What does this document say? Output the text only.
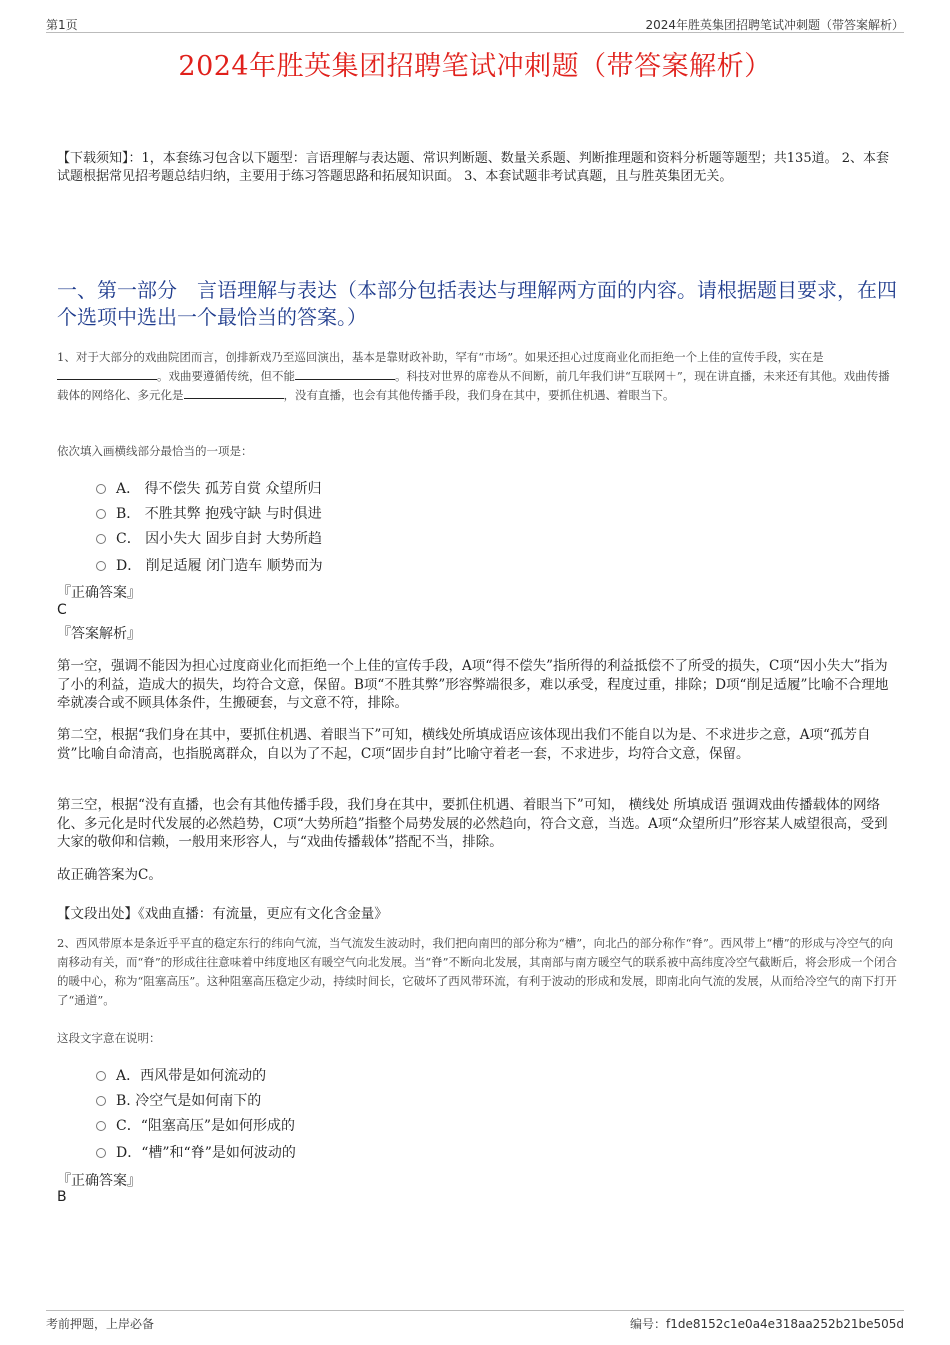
第1页	2024年胜英集团招聘笔试冲刺题（带答案解析）
2024年胜英集团招聘笔试冲刺题（带答案解析）
【下载须知】：1，本套练习包含以下题型：言语理解与表达题、常识判断题、数量关系题、判断推理题和资料分析题等题型；共135道。 2、本套试题根据常见招考题总结归纳，主要用于练习答题思路和拓展知识面。 3、本套试题非考试真题，且与胜英集团无关。
一、第一部分　言语理解与表达（本部分包括表达与理解两方面的内容。请根据题目要求，在四个选项中选出一个最恰当的答案。）
1、对于大部分的戏曲院团而言，创排新戏乃至巡回演出，基本是靠财政补助，罕有“市场”。如果还担心过度商业化而拒绝一个上佳的宣传手段，实在是。戏曲要遵循传统，但不能	。科技对世界的席卷从不间断，前几年我们讲“互联网＋”，现在讲直播，未来还有其他。戏曲传播载体的网络化、多元化是	，没有直播，也会有其他传播手段，我们身在其中，要抓住机遇、着眼当下。
依次填入画横线部分最恰当的一项是：
A． 得不偿失 孤芳自赏 众望所归
B． 不胜其弊 抱残守缺 与时俱进
C． 因小失大 固步自封 大势所趋
D． 削足适履 闭门造车 顺势而为
『正确答案』
C
『答案解析』
第一空，强调不能因为担心过度商业化而拒绝一个上佳的宣传手段，A项“得不偿失”指所得的利益抵偿不了所受的损失，C项“因小失大”指为了小的利益，造成大的损失，均符合文意，保留。B项“不胜其弊”形容弊端很多，难以承受，程度过重，排除；D项“削足适履”比喻不合理地牵就凑合或不顾具体条件，生搬硬套，与文意不符，排除。
第二空，根据“我们身在其中，要抓住机遇、着眼当下”可知，横线处所填成语应该体现出我们不能自以为是、不求进步之意，A项“孤芳自赏”比喻自命清高，也指脱离群众，自以为了不起，C项“固步自封”比喻守着老一套，不求进步，均符合文意，保留。
第三空，根据“没有直播，也会有其他传播手段，我们身在其中，要抓住机遇、着眼当下”可知， 横线处 所填成语 强调戏曲传播载体的网络化、多元化是时代发展的必然趋势，C项“大势所趋”指整个局势发展的必然趋向，符合文意，当选。A项“众望所归”形容某人威望很高，受到大家的敬仰和信赖，一般用来形容人，与“戏曲传播载体”搭配不当，排除。
故正确答案为C。
【文段出处】《戏曲直播：有流量，更应有文化含金量》
2、西风带原本是条近乎平直的稳定东行的纬向气流，当气流发生波动时，我们把向南凹的部分称为“槽”，向北凸的部分称作“脊”。西风带上“槽”的形成与冷空气的向南移动有关，而“脊”的形成往往意味着中纬度地区有暖空气向北发展。当“脊”不断向北发展，其南部与南方暖空气的联系被中高纬度冷空气截断后，将会形成一个闭合的暖中心，称为“阻塞高压”。这种阻塞高压稳定少动，持续时间长，它破坏了西风带环流，有利于波动的形成和发展，即南北向气流的发展，从而给冷空气的南下打开了“通道”。
这段文字意在说明：
A．西风带是如何流动的
B. 冷空气是如何南下的
C．“阻塞高压”是如何形成的
D．“槽”和“脊”是如何波动的
『正确答案』
B
考前押题，上岸必备	编号：f1de8152c1e0a4e318aa252b21be505d
